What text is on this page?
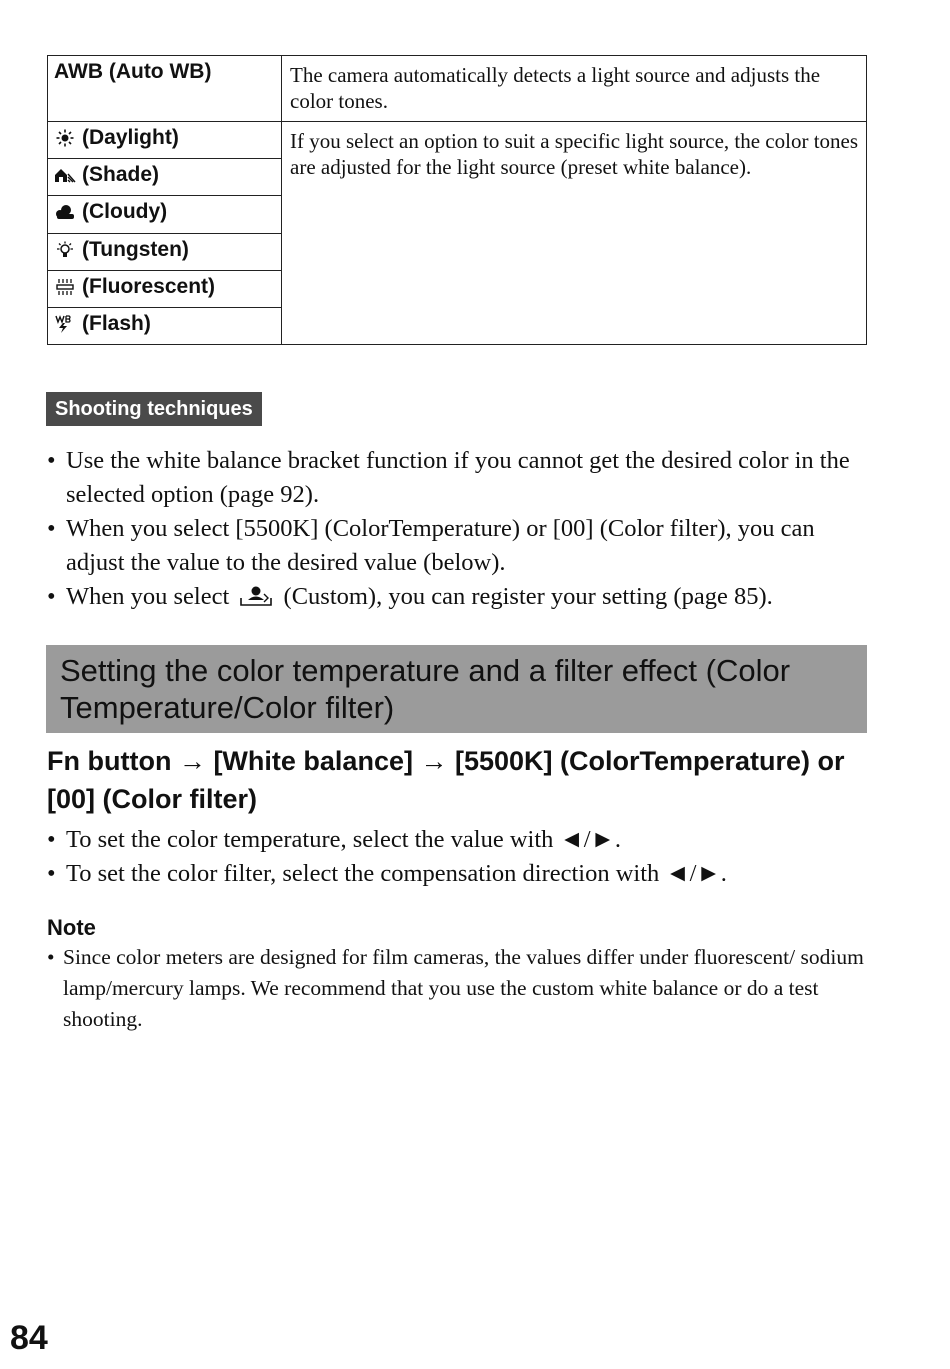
AWB (Auto WB)	The camera automatically detects a light source and adjusts the color tones.

(Daylight)	If you select an option to suit a specific light source, the color tones are adjusted for the light source (preset white balance).

(Shade)	

(Cloudy)	

(Tungsten)	

(Fluorescent)	

(Flash)	
Shooting techniques
• Use the white balance bracket function if you cannot get the desired color in the selected option (page 92).
• When you select [5500K] (ColorTemperature) or [00] (Color filter), you can adjust the value to the desired value (below).
• When you select (Custom), you can register your setting (page 85).
Setting the color temperature and a filter effect (Color Temperature/Color filter)
Fn button → [White balance] → [5500K] (ColorTemperature) or [00] (Color filter)
• To set the color temperature, select the value with ◄/►.
• To set the color filter, select the compensation direction with ◄/►.
Note
• Since color meters are designed for film cameras, the values differ under fluorescent/ sodium lamp/mercury lamps. We recommend that you use the custom white balance or do a test shooting.
84
